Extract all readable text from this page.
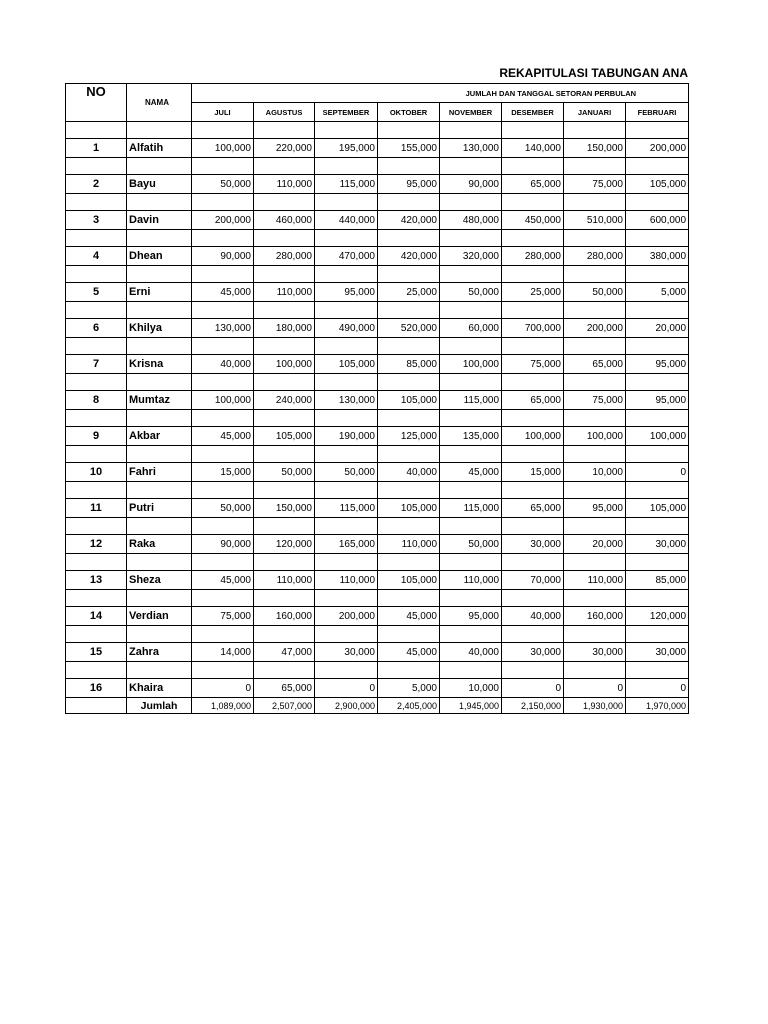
REKAPITULASI TABUNGAN ANA
NO	NAMA	JUMLAH DAN TANGGAL SETORAN PERBULAN							
		JULI	AGUSTUS	SEPTEMBER	OKTOBER	NOVEMBER	DESEMBER	JANUARI	FEBRUARI

1	Alfatih	100,000	220,000	195,000	155,000	130,000	140,000	150,000	200,000

2	Bayu	50,000	110,000	115,000	95,000	90,000	65,000	75,000	105,000

3	Davin	200,000	460,000	440,000	420,000	480,000	450,000	510,000	600,000

4	Dhean	90,000	280,000	470,000	420,000	320,000	280,000	280,000	380,000

5	Erni	45,000	110,000	95,000	25,000	50,000	25,000	50,000	5,000

6	Khilya	130,000	180,000	490,000	520,000	60,000	700,000	200,000	20,000

7	Krisna	40,000	100,000	105,000	85,000	100,000	75,000	65,000	95,000

8	Mumtaz	100,000	240,000	130,000	105,000	115,000	65,000	75,000	95,000

9	Akbar	45,000	105,000	190,000	125,000	135,000	100,000	100,000	100,000

10	Fahri	15,000	50,000	50,000	40,000	45,000	15,000	10,000	0

11	Putri	50,000	150,000	115,000	105,000	115,000	65,000	95,000	105,000

12	Raka	90,000	120,000	165,000	110,000	50,000	30,000	20,000	30,000

13	Sheza	45,000	110,000	110,000	105,000	110,000	70,000	110,000	85,000

14	Verdian	75,000	160,000	200,000	45,000	95,000	40,000	160,000	120,000

15	Zahra	14,000	47,000	30,000	45,000	40,000	30,000	30,000	30,000

16	Khaira	0	65,000	0	5,000	10,000	0	0	0
	Jumlah	1,089,000	2,507,000	2,900,000	2,405,000	1,945,000	2,150,000	1,930,000	1,970,000
